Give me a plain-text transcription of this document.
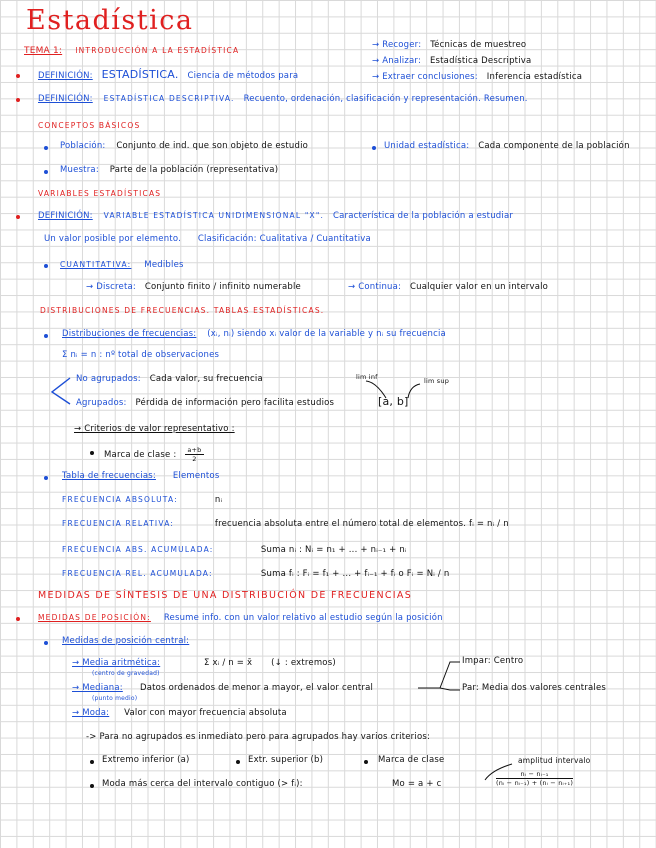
Estadística
TEMA 1: INTRODUCCIÓN A LA ESTADÍSTICA
→ Recoger: Técnicas de muestreo
→ Analizar: Estadística Descriptiva
→ Extraer conclusiones: Inferencia estadística
DEFINICIÓN: ESTADÍSTICA. Ciencia de métodos para
DEFINICIÓN: ESTADÍSTICA DESCRIPTIVA. Recuento, ordenación, clasificación y representación. Resumen.
CONCEPTOS BÁSICOS
Población: Conjunto de ind. que son objeto de estudio	Unidad estadística: Cada componente de la población
Muestra: Parte de la población (representativa)
VARIABLES ESTADÍSTICAS
DEFINICIÓN: VARIABLE ESTADÍSTICA UNIDIMENSIONAL "X". Característica de la población a estudiar
Un valor posible por elemento. Clasificación: Cualitativa / Cuantitativa
CUANTITATIVA: Medibles
→ Discreta: Conjunto finito / infinito numerable	→ Continua: Cualquier valor en un intervalo
DISTRIBUCIONES DE FRECUENCIAS. TABLAS ESTADÍSTICAS.
Distribuciones de frecuencias: (xᵢ, nᵢ) siendo xᵢ valor de la variable y nᵢ su frecuencia
Σ nᵢ = n : nº total de observaciones
No agrupados: Cada valor, su frecuencia	lim inf	lim sup
Agrupados: Pérdida de información pero facilita estudios	[a, b]
→ Criterios de valor representativo :
Marca de clase : $\frac{a+b}{2}$
Tabla de frecuencias: Elementos
FRECUENCIA ABSOLUTA:	nᵢ
FRECUENCIA RELATIVA:	frecuencia absoluta entre el número total de elementos. fᵢ = nᵢ / n
FRECUENCIA ABS. ACUMULADA:	Suma nᵢ : Nᵢ = n₁ + ... + nᵢ₋₁ + nᵢ
FRECUENCIA REL. ACUMULADA:	Suma fᵢ : Fᵢ = f₁ + ... + fᵢ₋₁ + fᵢ o Fᵢ = Nᵢ / n
MEDIDAS DE SÍNTESIS DE UNA DISTRIBUCIÓN DE FRECUENCIAS
MEDIDAS DE POSICIÓN: Resume info. con un valor relativo al estudio según la posición
Medidas de posición central:
→ Media aritmética:
(centro de gravedad)
Σ xᵢ / n = x̄ (↓ : extremos)	Impar: Centro
→ Mediana:
(punto medio)
Datos ordenados de menor a mayor, el valor central	Par: Media dos valores centrales
→ Moda: Valor con mayor frecuencia absoluta
-> Para no agrupados es inmediato pero para agrupados hay varios criterios:
Extremo inferior (a)	Extr. superior (b)	Marca de clase	amplitud intervalo
Moda más cerca del intervalo contiguo (> fᵢ):	Mo = a + c	$\frac{\text{nᵢ − nᵢ₋₁}}{\text{(nᵢ − nᵢ₋₁) + (nᵢ − nᵢ₊₁)}}$
